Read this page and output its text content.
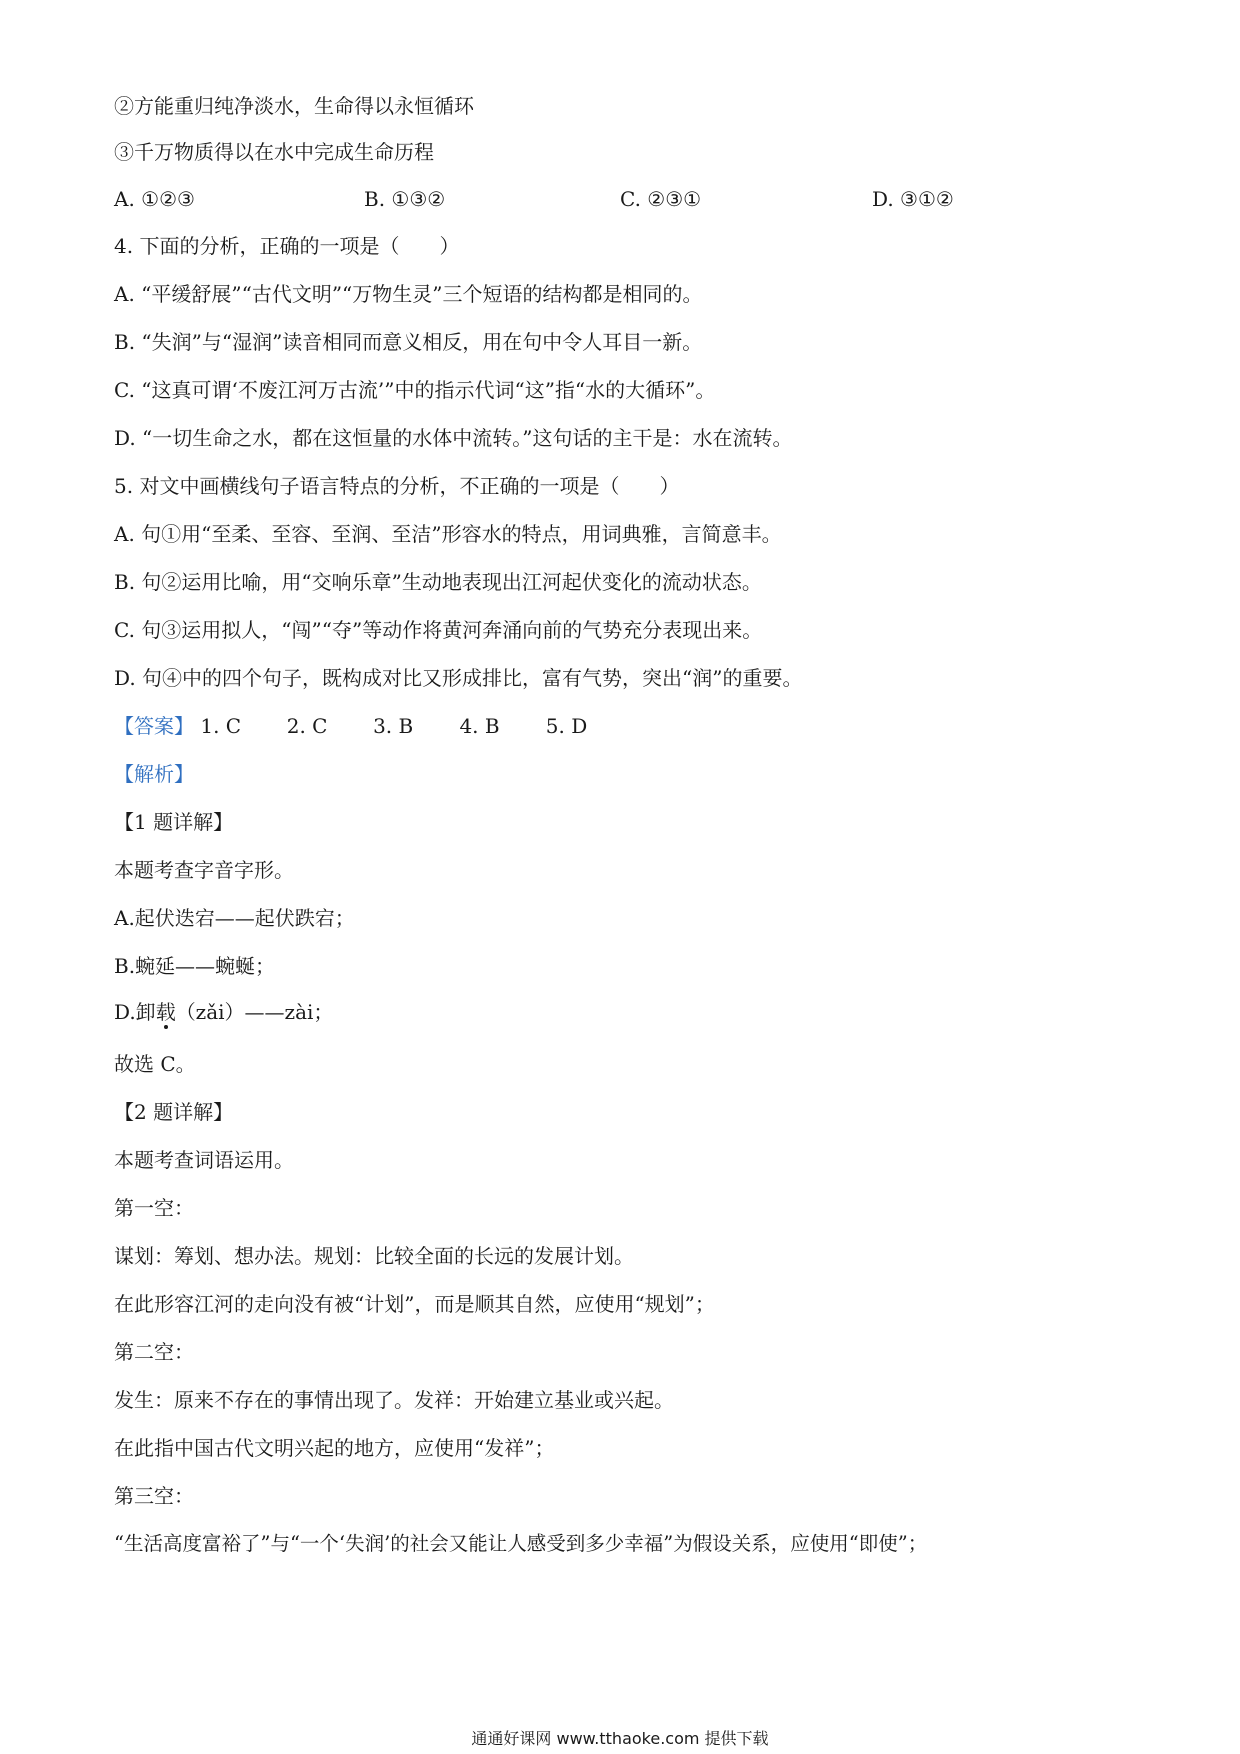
②方能重归纯净淡水，生命得以永恒循环
③千万物质得以在水中完成生命历程
A. ①②③	B. ①③②	C. ②③①	D. ③①②
4. 下面的分析，正确的一项是（　　）
A. “平缓舒展”“古代文明”“万物生灵”三个短语的结构都是相同的。
B. “失润”与“湿润”读音相同而意义相反，用在句中令人耳目一新。
C. “这真可谓‘不废江河万古流’”中的指示代词“这”指“水的大循环”。
D. “一切生命之水，都在这恒量的水体中流转。”这句话的主干是：水在流转。
5. 对文中画横线句子语言特点的分析，不正确的一项是（　　）
A. 句①用“至柔、至容、至润、至洁”形容水的特点，用词典雅，言简意丰。
B. 句②运用比喻，用“交响乐章”生动地表现出江河起伏变化的流动状态。
C. 句③运用拟人，“闯”“夺”等动作将黄河奔涌向前的气势充分表现出来。
D. 句④中的四个句子，既构成对比又形成排比，富有气势，突出“润”的重要。
【答案】 1. C 2. C 3. B 4. B 5. D
【解析】
【1 题详解】
本题考查字音字形。
A.起伏迭宕——起伏跌宕；
B.蜿延——蜿蜒；
D.卸载（zǎi）——zài；
故选 C。
【2 题详解】
本题考查词语运用。
第一空：
谋划：筹划、想办法。规划：比较全面的长远的发展计划。
在此形容江河的走向没有被“计划”，而是顺其自然，应使用“规划”；
第二空：
发生：原来不存在的事情出现了。发祥：开始建立基业或兴起。
在此指中国古代文明兴起的地方，应使用“发祥”；
第三空：
“生活高度富裕了”与“一个‘失润’的社会又能让人感受到多少幸福”为假设关系，应使用“即使”；
通通好课网 www.tthaoke.com 提供下载
